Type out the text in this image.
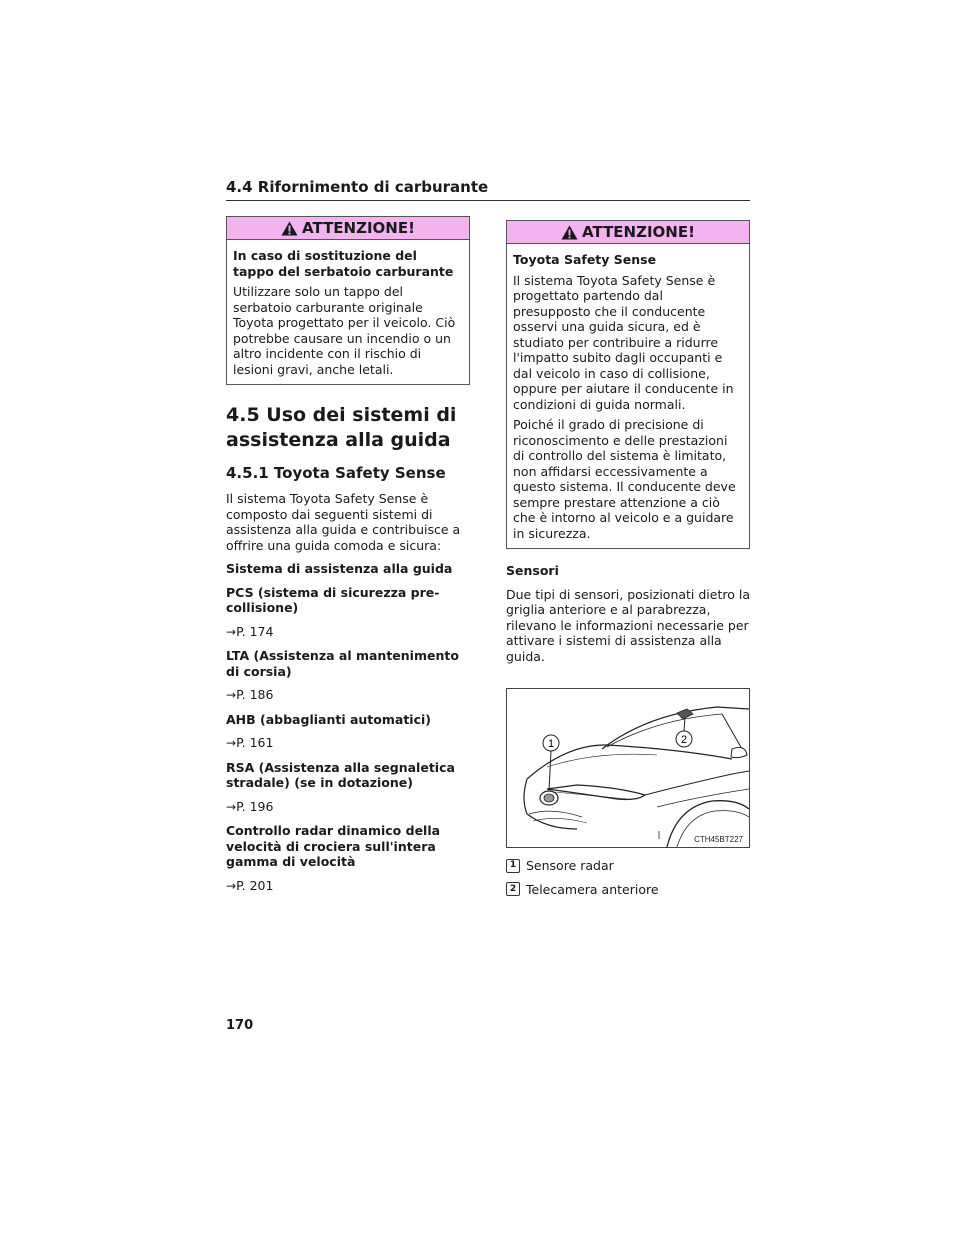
4.4 Rifornimento di carburante
ATTENZIONE!
In caso di sostituzione del tappo del serbatoio carburante

Utilizzare solo un tappo del serbatoio carburante originale Toyota progettato per il veicolo. Ciò potrebbe causare un incendio o un altro incidente con il rischio di lesioni gravi, anche letali.

4.5 Uso dei sistemi di assistenza alla guida
4.5.1 Toyota Safety Sense
Il sistema Toyota Safety Sense è composto dai seguenti sistemi di assistenza alla guida e contribuisce a offrire una guida comoda e sicura:
Sistema di assistenza alla guida
PCS (sistema di sicurezza pre-collisione)
→P. 174
LTA (Assistenza al mantenimento di corsia)
→P. 186
AHB (abbaglianti automatici)
→P. 161
RSA (Assistenza alla segnaletica stradale) (se in dotazione)
→P. 196
Controllo radar dinamico della velocità di crociera sull'intera gamma di velocità
→P. 201
ATTENZIONE!
Toyota Safety Sense

Il sistema Toyota Safety Sense è progettato partendo dal presupposto che il conducente osservi una guida sicura, ed è studiato per contribuire a ridurre l'impatto subito dagli occupanti e dal veicolo in caso di collisione, oppure per aiutare il conducente in condizioni di guida normali.

Poiché il grado di precisione di riconoscimento e delle prestazioni di controllo del sistema è limitato, non affidarsi eccessivamente a questo sistema. Il conducente deve sempre prestare attenzione a ciò che è intorno al veicolo e a guidare in sicurezza.

Sensori
Due tipi di sensori, posizionati dietro la griglia anteriore e al parabrezza, rilevano le informazioni necessarie per attivare i sistemi di assistenza alla guida.
1	2
CTH45BT227
1 Sensore radar
2 Telecamera anteriore
170
